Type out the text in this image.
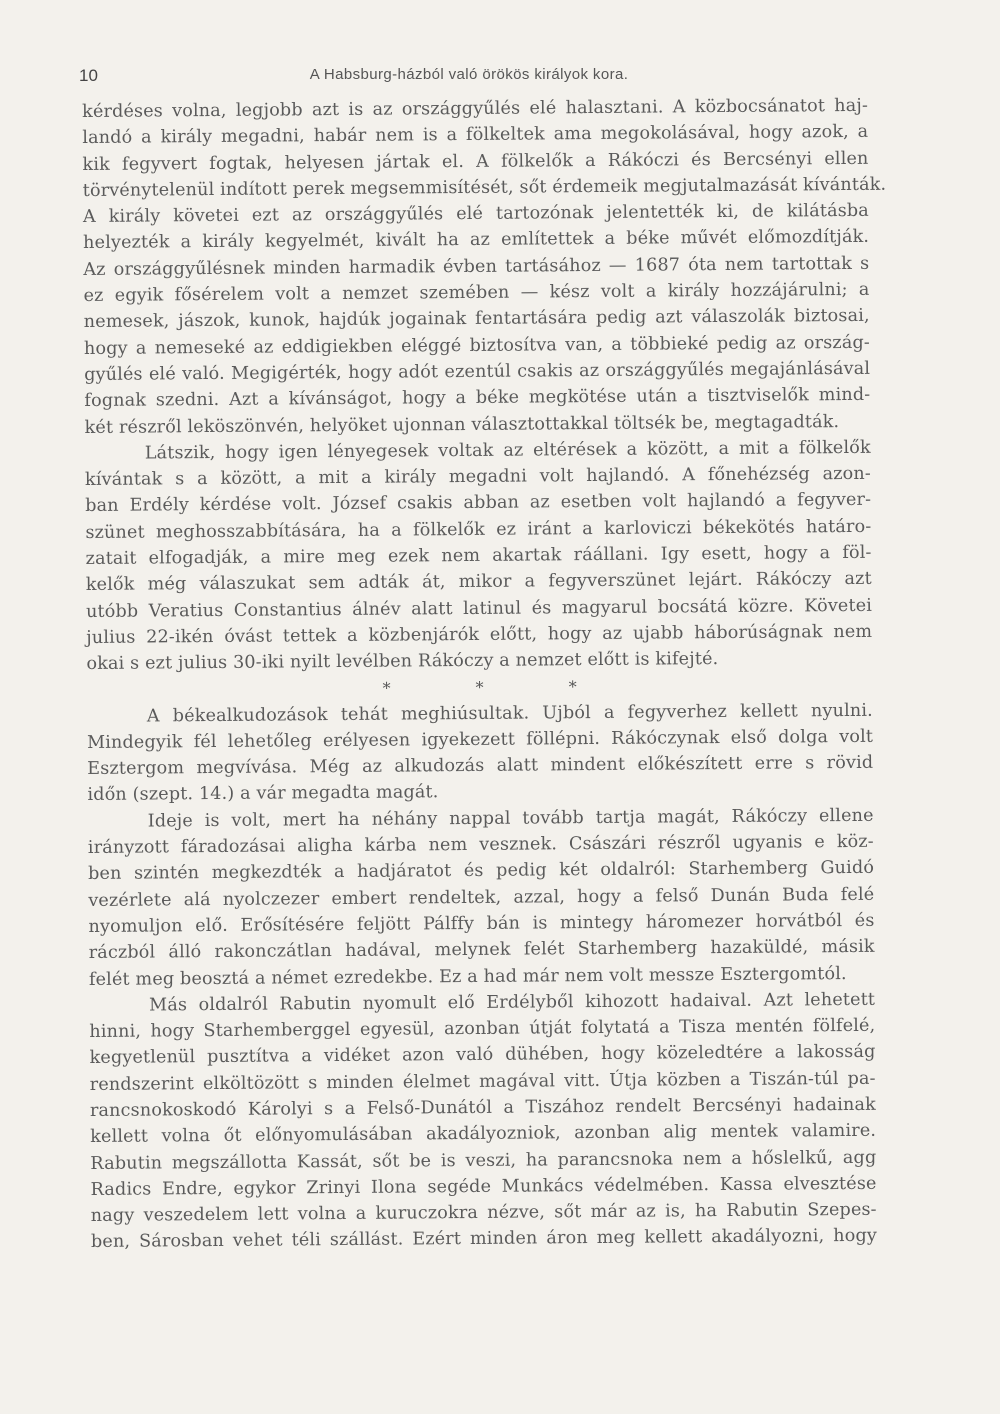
10	A Habsburg-házból való örökös királyok kora.
kérdéses volna, legjobb azt is az országgyűlés elé halasztani. A közbocsánatot haj-
landó a király megadni, habár nem is a fölkeltek ama megokolásával, hogy azok, a
kik fegyvert fogtak, helyesen jártak el. A fölkelők a Rákóczi és Bercsényi ellen
törvénytelenül indított perek megsemmisítését, sőt érdemeik megjutalmazását kívánták.
A király követei ezt az országgyűlés elé tartozónak jelentették ki, de kilátásba
helyezték a király kegyelmét, kivált ha az említettek a béke művét előmozdítják.
Az országgyűlésnek minden harmadik évben tartásához — 1687 óta nem tartottak s
ez egyik fősérelem volt a nemzet szemében — kész volt a király hozzájárulni; a
nemesek, jászok, kunok, hajdúk jogainak fentartására pedig azt válaszolák biztosai,
hogy a nemeseké az eddigiekben eléggé biztosítva van, a többieké pedig az ország-
gyűlés elé való. Megigérték, hogy adót ezentúl csakis az országgyűlés megajánlásával
fognak szedni. Azt a kívánságot, hogy a béke megkötése után a tisztviselők mind-
két részről leköszönvén, helyöket ujonnan választottakkal töltsék be, megtagadták.
Látszik, hogy igen lényegesek voltak az eltérések a között, a mit a fölkelők
kívántak s a között, a mit a király megadni volt hajlandó. A főnehézség azon-
ban Erdély kérdése volt. József csakis abban az esetben volt hajlandó a fegyver-
szünet meghosszabbítására, ha a fölkelők ez iránt a karloviczi békekötés határo-
zatait elfogadják, a mire meg ezek nem akartak ráállani. Igy esett, hogy a föl-
kelők még válaszukat sem adták át, mikor a fegyverszünet lejárt. Rákóczy azt
utóbb Veratius Constantius álnév alatt latinul és magyarul bocsátá közre. Követei
julius 22-ikén óvást tettek a közbenjárók előtt, hogy az ujabb háborúságnak nem
okai s ezt julius 30-iki nyilt levélben Rákóczy a nemzet előtt is kifejté.
* * *
A békealkudozások tehát meghiúsultak. Ujból a fegyverhez kellett nyulni.
Mindegyik fél lehetőleg erélyesen igyekezett föllépni. Rákóczynak első dolga volt
Esztergom megvívása. Még az alkudozás alatt mindent előkészített erre s rövid
időn (szept. 14.) a vár megadta magát.
Ideje is volt, mert ha néhány nappal tovább tartja magát, Rákóczy ellene
irányzott fáradozásai aligha kárba nem vesznek. Császári részről ugyanis e köz-
ben szintén megkezdték a hadjáratot és pedig két oldalról: Starhemberg Guidó
vezérlete alá nyolczezer embert rendeltek, azzal, hogy a felső Dunán Buda felé
nyomuljon elő. Erősítésére feljött Pálffy bán is mintegy háromezer horvátból és
ráczból álló rakonczátlan hadával, melynek felét Starhemberg hazaküldé, másik
felét meg beosztá a német ezredekbe. Ez a had már nem volt messze Esztergomtól.
Más oldalról Rabutin nyomult elő Erdélyből kihozott hadaival. Azt lehetett
hinni, hogy Starhemberggel egyesül, azonban útját folytatá a Tisza mentén fölfelé,
kegyetlenül pusztítva a vidéket azon való dühében, hogy közeledtére a lakosság
rendszerint elköltözött s minden élelmet magával vitt. Útja közben a Tiszán-túl pa-
rancsnokoskodó Károlyi s a Felső-Dunától a Tiszához rendelt Bercsényi hadainak
kellett volna őt előnyomulásában akadályozniok, azonban alig mentek valamire.
Rabutin megszállotta Kassát, sőt be is veszi, ha parancsnoka nem a hőslelkű, agg
Radics Endre, egykor Zrinyi Ilona segéde Munkács védelmében. Kassa elvesztése
nagy veszedelem lett volna a kuruczokra nézve, sőt már az is, ha Rabutin Szepes-
ben, Sárosban vehet téli szállást. Ezért minden áron meg kellett akadályozni, hogy
